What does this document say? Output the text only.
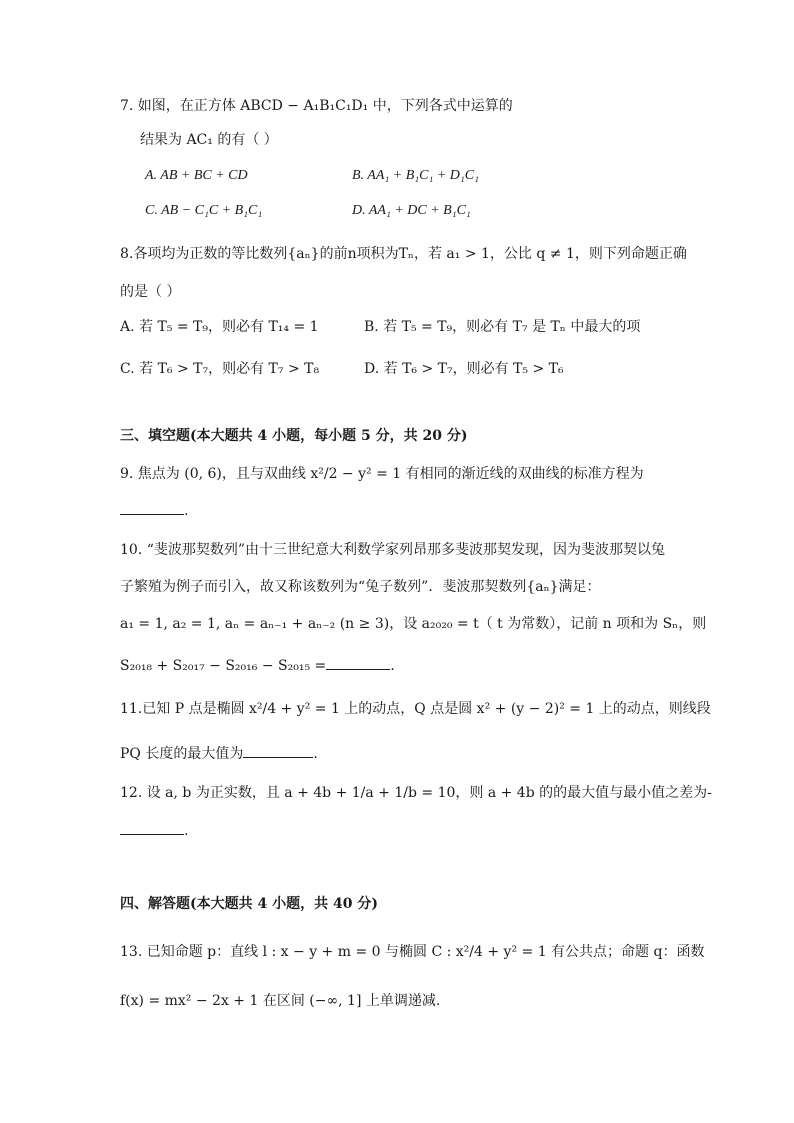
7. 如图，在正方体 ABCD − A₁B₁C₁D₁ 中，下列各式中运算的
结果为 AC₁ 的有（ ）
A. AB + BC + CD	B. AA₁ + B₁C₁ + D₁C₁
C. AB − C₁C + B₁C₁	D. AA₁ + DC + B₁C₁
8.各项均为正数的等比数列{aₙ}的前n项积为Tₙ，若 a₁ > 1，公比 q ≠ 1，则下列命题正确
的是（ ）
A. 若 T₅ = T₉，则必有 T₁₄ = 1	B. 若 T₅ = T₉，则必有 T₇ 是 Tₙ 中最大的项
C. 若 T₆ > T₇，则必有 T₇ > T₈	D. 若 T₆ > T₇，则必有 T₅ > T₆
三、填空题(本大题共 4 小题，每小题 5 分，共 20 分)
9. 焦点为 (0, 6)，且与双曲线 x²/2 − y² = 1 有相同的渐近线的双曲线的标准方程为
.
10. “斐波那契数列”由十三世纪意大利数学家列昂那多斐波那契发现，因为斐波那契以兔
子繁殖为例子而引入，故又称该数列为“兔子数列”．斐波那契数列{aₙ}满足：
a₁ = 1, a₂ = 1, aₙ = aₙ₋₁ + aₙ₋₂ (n ≥ 3)，设 a₂₀₂₀ = t（ t 为常数），记前 n 项和为 Sₙ，则
S₂₀₁₈ + S₂₀₁₇ − S₂₀₁₆ − S₂₀₁₅ =	.
11.已知 P 点是椭圆 x²/4 + y² = 1 上的动点，Q 点是圆 x² + (y − 2)² = 1 上的动点，则线段
PQ 长度的最大值为	.
12. 设 a, b 为正实数，且 a + 4b + 1/a + 1/b = 10，则 a + 4b 的的最大值与最小值之差为-
.
四、解答题(本大题共 4 小题，共 40 分)
13. 已知命题 p：直线 l : x − y + m = 0 与椭圆 C : x²/4 + y² = 1 有公共点；命题 q：函数
f(x) = mx² − 2x + 1 在区间 (−∞, 1] 上单调递减.
